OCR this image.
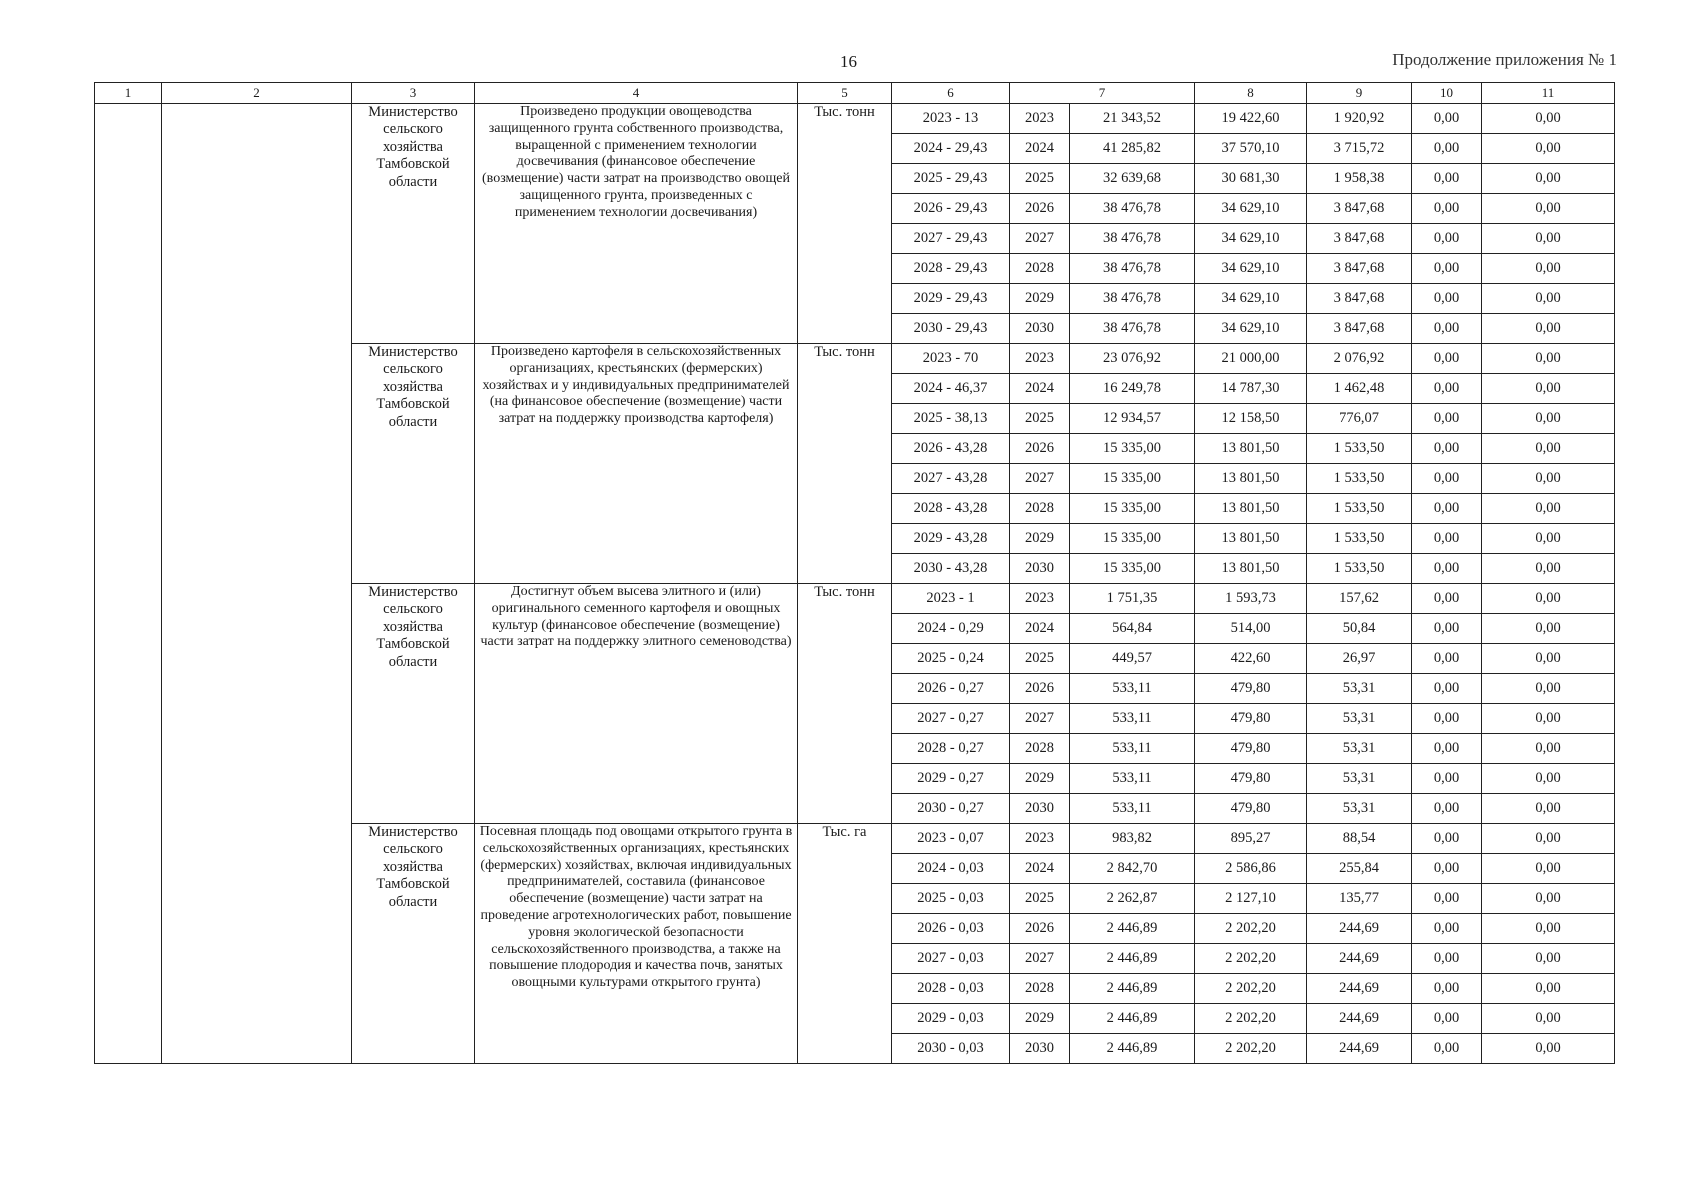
16	Продолжение приложения № 1
1	2	3	4	5	6	7		8	9	10	11
		Министерство сельского хозяйства Тамбовской области	Произведено продукции овощеводства защищенного грунта собственного производства, выращенной с применением технологии досвечивания (финансовое обеспечение (возмещение) части затрат на производство овощей защищенного грунта, произведенных с применением технологии досвечивания)	Тыс. тонн	2023 - 13	2023	21 343,52	19 422,60	1 920,92	0,00	0,00
					2024 - 29,43	2024	41 285,82	37 570,10	3 715,72	0,00	0,00
					2025 - 29,43	2025	32 639,68	30 681,30	1 958,38	0,00	0,00
					2026 - 29,43	2026	38 476,78	34 629,10	3 847,68	0,00	0,00
					2027 - 29,43	2027	38 476,78	34 629,10	3 847,68	0,00	0,00
					2028 - 29,43	2028	38 476,78	34 629,10	3 847,68	0,00	0,00
					2029 - 29,43	2029	38 476,78	34 629,10	3 847,68	0,00	0,00
					2030 - 29,43	2030	38 476,78	34 629,10	3 847,68	0,00	0,00
		Министерство сельского хозяйства Тамбовской области	Произведено картофеля в сельскохозяйственных организациях, крестьянских (фермерских) хозяйствах и у индивидуальных предпринимателей (на финансовое обеспечение (возмещение) части затрат на поддержку производства картофеля)	Тыс. тонн	2023 - 70	2023	23 076,92	21 000,00	2 076,92	0,00	0,00
					2024 - 46,37	2024	16 249,78	14 787,30	1 462,48	0,00	0,00
					2025 - 38,13	2025	12 934,57	12 158,50	776,07	0,00	0,00
					2026 - 43,28	2026	15 335,00	13 801,50	1 533,50	0,00	0,00
					2027 - 43,28	2027	15 335,00	13 801,50	1 533,50	0,00	0,00
					2028 - 43,28	2028	15 335,00	13 801,50	1 533,50	0,00	0,00
					2029 - 43,28	2029	15 335,00	13 801,50	1 533,50	0,00	0,00
					2030 - 43,28	2030	15 335,00	13 801,50	1 533,50	0,00	0,00
		Министерство сельского хозяйства Тамбовской области	Достигнут объем высева элитного и (или) оригинального семенного картофеля и овощных культур (финансовое обеспечение (возмещение) части затрат на поддержку элитного семеноводства)	Тыс. тонн	2023 - 1	2023	1 751,35	1 593,73	157,62	0,00	0,00
					2024 - 0,29	2024	564,84	514,00	50,84	0,00	0,00
					2025 - 0,24	2025	449,57	422,60	26,97	0,00	0,00
					2026 - 0,27	2026	533,11	479,80	53,31	0,00	0,00
					2027 - 0,27	2027	533,11	479,80	53,31	0,00	0,00
					2028 - 0,27	2028	533,11	479,80	53,31	0,00	0,00
					2029 - 0,27	2029	533,11	479,80	53,31	0,00	0,00
					2030 - 0,27	2030	533,11	479,80	53,31	0,00	0,00
		Министерство сельского хозяйства Тамбовской области	Посевная площадь под овощами открытого грунта в сельскохозяйственных организациях, крестьянских (фермерских) хозяйствах, включая индивидуальных предпринимателей, составила (финансовое обеспечение (возмещение) части затрат на проведение агротехнологических работ, повышение уровня экологической безопасности сельскохозяйственного производства, а также на повышение плодородия и качества почв, занятых овощными культурами открытого грунта)	Тыс. га	2023 - 0,07	2023	983,82	895,27	88,54	0,00	0,00
					2024 - 0,03	2024	2 842,70	2 586,86	255,84	0,00	0,00
					2025 - 0,03	2025	2 262,87	2 127,10	135,77	0,00	0,00
					2026 - 0,03	2026	2 446,89	2 202,20	244,69	0,00	0,00
					2027 - 0,03	2027	2 446,89	2 202,20	244,69	0,00	0,00
					2028 - 0,03	2028	2 446,89	2 202,20	244,69	0,00	0,00
					2029 - 0,03	2029	2 446,89	2 202,20	244,69	0,00	0,00
					2030 - 0,03	2030	2 446,89	2 202,20	244,69	0,00	0,00
